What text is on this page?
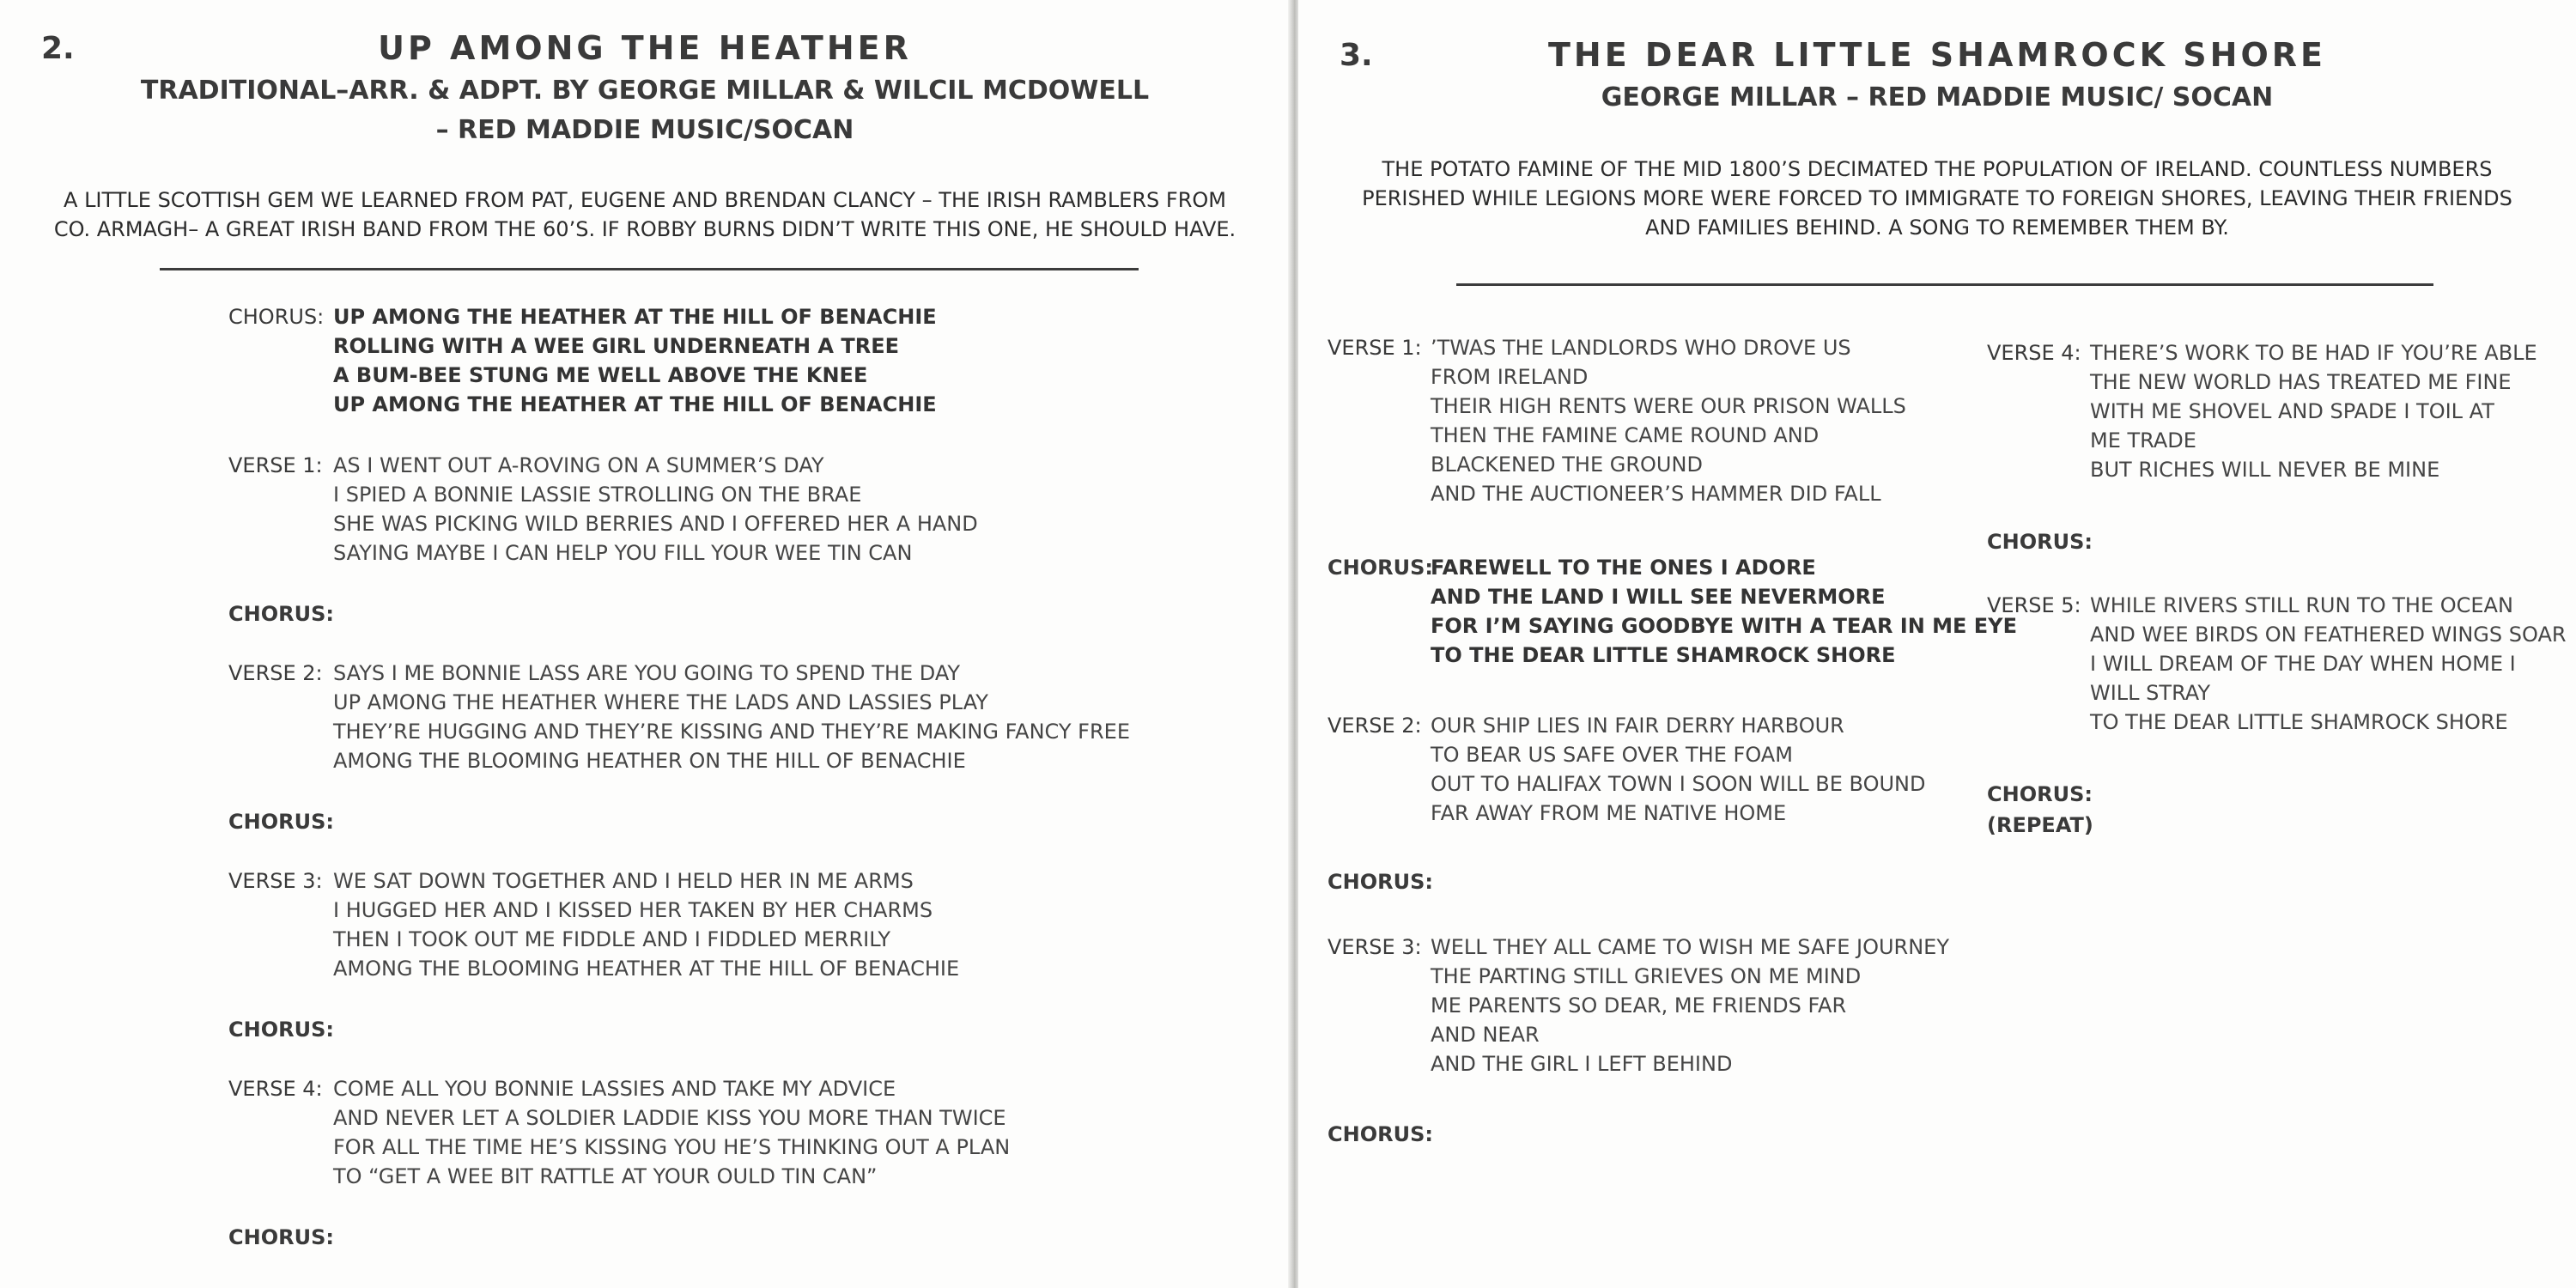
2.	UP AMONG THE HEATHER
TRADITIONAL–ARR. & ADPT. BY GEORGE MILLAR & WILCIL MCDOWELL
– RED MADDIE MUSIC/SOCAN
A LITTLE SCOTTISH GEM WE LEARNED FROM PAT, EUGENE AND BRENDAN CLANCY – THE IRISH RAMBLERS FROM
CO. ARMAGH– A GREAT IRISH BAND FROM THE 60’S. IF ROBBY BURNS DIDN’T WRITE THIS ONE, HE SHOULD HAVE.
CHORUS: UP AMONG THE HEATHER AT THE HILL OF BENACHIE
ROLLING WITH A WEE GIRL UNDERNEATH A TREE
A BUM-BEE STUNG ME WELL ABOVE THE KNEE
UP AMONG THE HEATHER AT THE HILL OF BENACHIE
VERSE 1: AS I WENT OUT A-ROVING ON A SUMMER’S DAY
I SPIED A BONNIE LASSIE STROLLING ON THE BRAE
SHE WAS PICKING WILD BERRIES AND I OFFERED HER A HAND
SAYING MAYBE I CAN HELP YOU FILL YOUR WEE TIN CAN
CHORUS:
VERSE 2: SAYS I ME BONNIE LASS ARE YOU GOING TO SPEND THE DAY
UP AMONG THE HEATHER WHERE THE LADS AND LASSIES PLAY
THEY’RE HUGGING AND THEY’RE KISSING AND THEY’RE MAKING FANCY FREE
AMONG THE BLOOMING HEATHER ON THE HILL OF BENACHIE
CHORUS:
VERSE 3: WE SAT DOWN TOGETHER AND I HELD HER IN ME ARMS
I HUGGED HER AND I KISSED HER TAKEN BY HER CHARMS
THEN I TOOK OUT ME FIDDLE AND I FIDDLED MERRILY
AMONG THE BLOOMING HEATHER AT THE HILL OF BENACHIE
CHORUS:
VERSE 4: COME ALL YOU BONNIE LASSIES AND TAKE MY ADVICE
AND NEVER LET A SOLDIER LADDIE KISS YOU MORE THAN TWICE
FOR ALL THE TIME HE’S KISSING YOU HE’S THINKING OUT A PLAN
TO “GET A WEE BIT RATTLE AT YOUR OULD TIN CAN”
CHORUS:
3.	THE DEAR LITTLE SHAMROCK SHORE
GEORGE MILLAR – RED MADDIE MUSIC/ SOCAN
THE POTATO FAMINE OF THE MID 1800’S DECIMATED THE POPULATION OF IRELAND. COUNTLESS NUMBERS
PERISHED WHILE LEGIONS MORE WERE FORCED TO IMMIGRATE TO FOREIGN SHORES, LEAVING THEIR FRIENDS
AND FAMILIES BEHIND. A SONG TO REMEMBER THEM BY.
VERSE 1: ’TWAS THE LANDLORDS WHO DROVE US
FROM IRELAND
THEIR HIGH RENTS WERE OUR PRISON WALLS
THEN THE FAMINE CAME ROUND AND
BLACKENED THE GROUND
AND THE AUCTIONEER’S HAMMER DID FALL
CHORUS:
FAREWELL TO THE ONES I ADORE
AND THE LAND I WILL SEE NEVERMORE
FOR I’M SAYING GOODBYE WITH A TEAR IN ME EYE
TO THE DEAR LITTLE SHAMROCK SHORE
VERSE 2: OUR SHIP LIES IN FAIR DERRY HARBOUR
TO BEAR US SAFE OVER THE FOAM
OUT TO HALIFAX TOWN I SOON WILL BE BOUND
FAR AWAY FROM ME NATIVE HOME
CHORUS:
VERSE 3: WELL THEY ALL CAME TO WISH ME SAFE JOURNEY
THE PARTING STILL GRIEVES ON ME MIND
ME PARENTS SO DEAR, ME FRIENDS FAR
AND NEAR
AND THE GIRL I LEFT BEHIND
CHORUS:
VERSE 4: THERE’S WORK TO BE HAD IF YOU’RE ABLE
THE NEW WORLD HAS TREATED ME FINE
WITH ME SHOVEL AND SPADE I TOIL AT
ME TRADE
BUT RICHES WILL NEVER BE MINE
CHORUS:
VERSE 5: WHILE RIVERS STILL RUN TO THE OCEAN
AND WEE BIRDS ON FEATHERED WINGS SOAR
I WILL DREAM OF THE DAY WHEN HOME I
WILL STRAY
TO THE DEAR LITTLE SHAMROCK SHORE
CHORUS:
(REPEAT)
